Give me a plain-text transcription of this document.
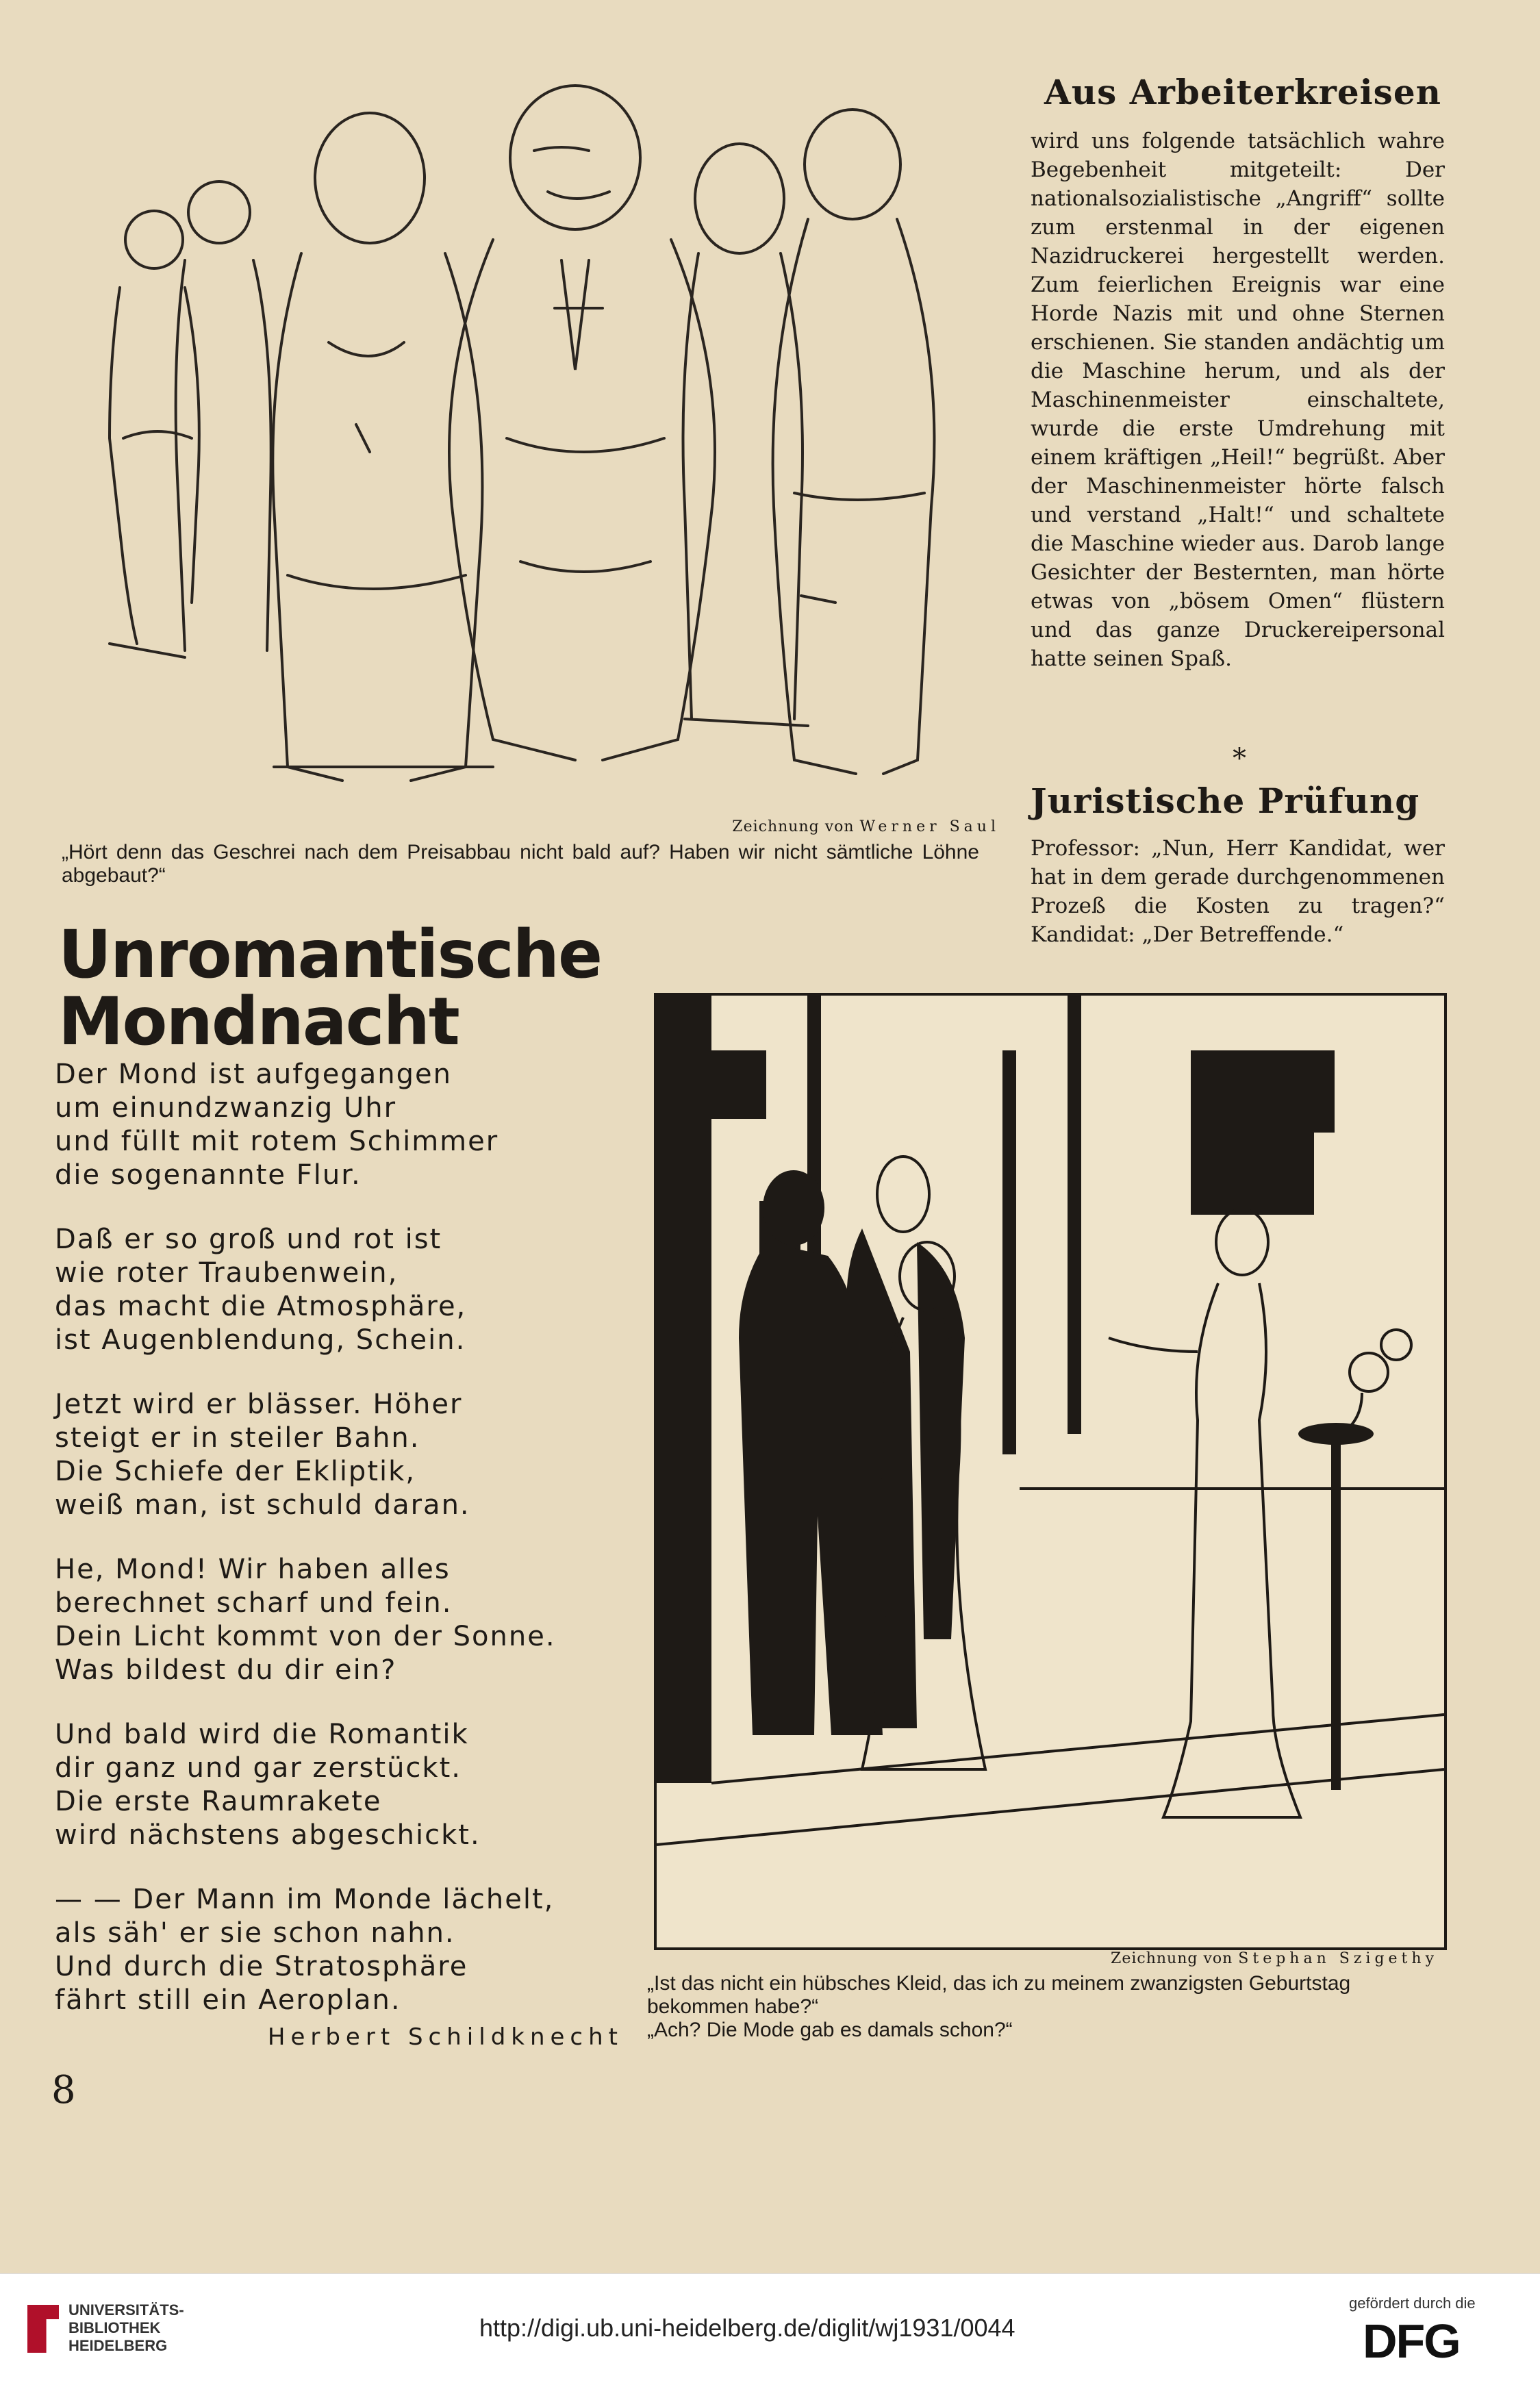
Zeichnung von Werner Saul
„Hört denn das Geschrei nach dem Preisabbau nicht bald auf? Haben wir nicht sämtliche Löhne abgebaut?“
Aus Arbeiterkreisen
wird uns folgende tatsächlich wahre Begebenheit mitgeteilt: Der nationalsozialistische „Angriff“ sollte zum erstenmal in der eigenen Nazidruckerei hergestellt werden. Zum feierlichen Ereignis war eine Horde Nazis mit und ohne Sternen erschienen. Sie standen andächtig um die Maschine herum, und als der Maschinenmeister einschaltete, wurde die erste Umdrehung mit einem kräftigen „Heil!“ begrüßt. Aber der Maschinenmeister hörte falsch und verstand „Halt!“ und schaltete die Maschine wieder aus. Darob lange Gesichter der Besternten, man hörte etwas von „bösem Omen“ flüstern und das ganze Druckereipersonal hatte seinen Spaß.
*
Juristische Prüfung
Professor: „Nun, Herr Kandidat, wer hat in dem gerade durchgenommenen Prozeß die Kosten zu tragen?“ Kandidat: „Der Betreffende.“
Unromantische
Mondnacht
Der Mond ist aufgegangen
um einundzwanzig Uhr
und füllt mit rotem Schimmer
die sogenannte Flur.
Daß er so groß und rot ist
wie roter Traubenwein,
das macht die Atmosphäre,
ist Augenblendung, Schein.
Jetzt wird er blässer. Höher
steigt er in steiler Bahn.
Die Schiefe der Ekliptik,
weiß man, ist schuld daran.
He, Mond! Wir haben alles
berechnet scharf und fein.
Dein Licht kommt von der Sonne.
Was bildest du dir ein?
Und bald wird die Romantik
dir ganz und gar zerstückt.
Die erste Raumrakete
wird nächstens abgeschickt.
— — Der Mann im Monde lächelt,
als säh' er sie schon nahn.
Und durch die Stratosphäre
fährt still ein Aeroplan.
Herbert Schildknecht
Zeichnung von Stephan Szigethy
„Ist das nicht ein hübsches Kleid, das ich zu meinem zwanzigsten Geburtstag bekommen habe?“
„Ach? Die Mode gab es damals schon?“
8
UNIVERSITÄTS-
BIBLIOTHEK
HEIDELBERG
http://digi.ub.uni-heidelberg.de/diglit/wj1931/0044
gefördert durch die
DFG
